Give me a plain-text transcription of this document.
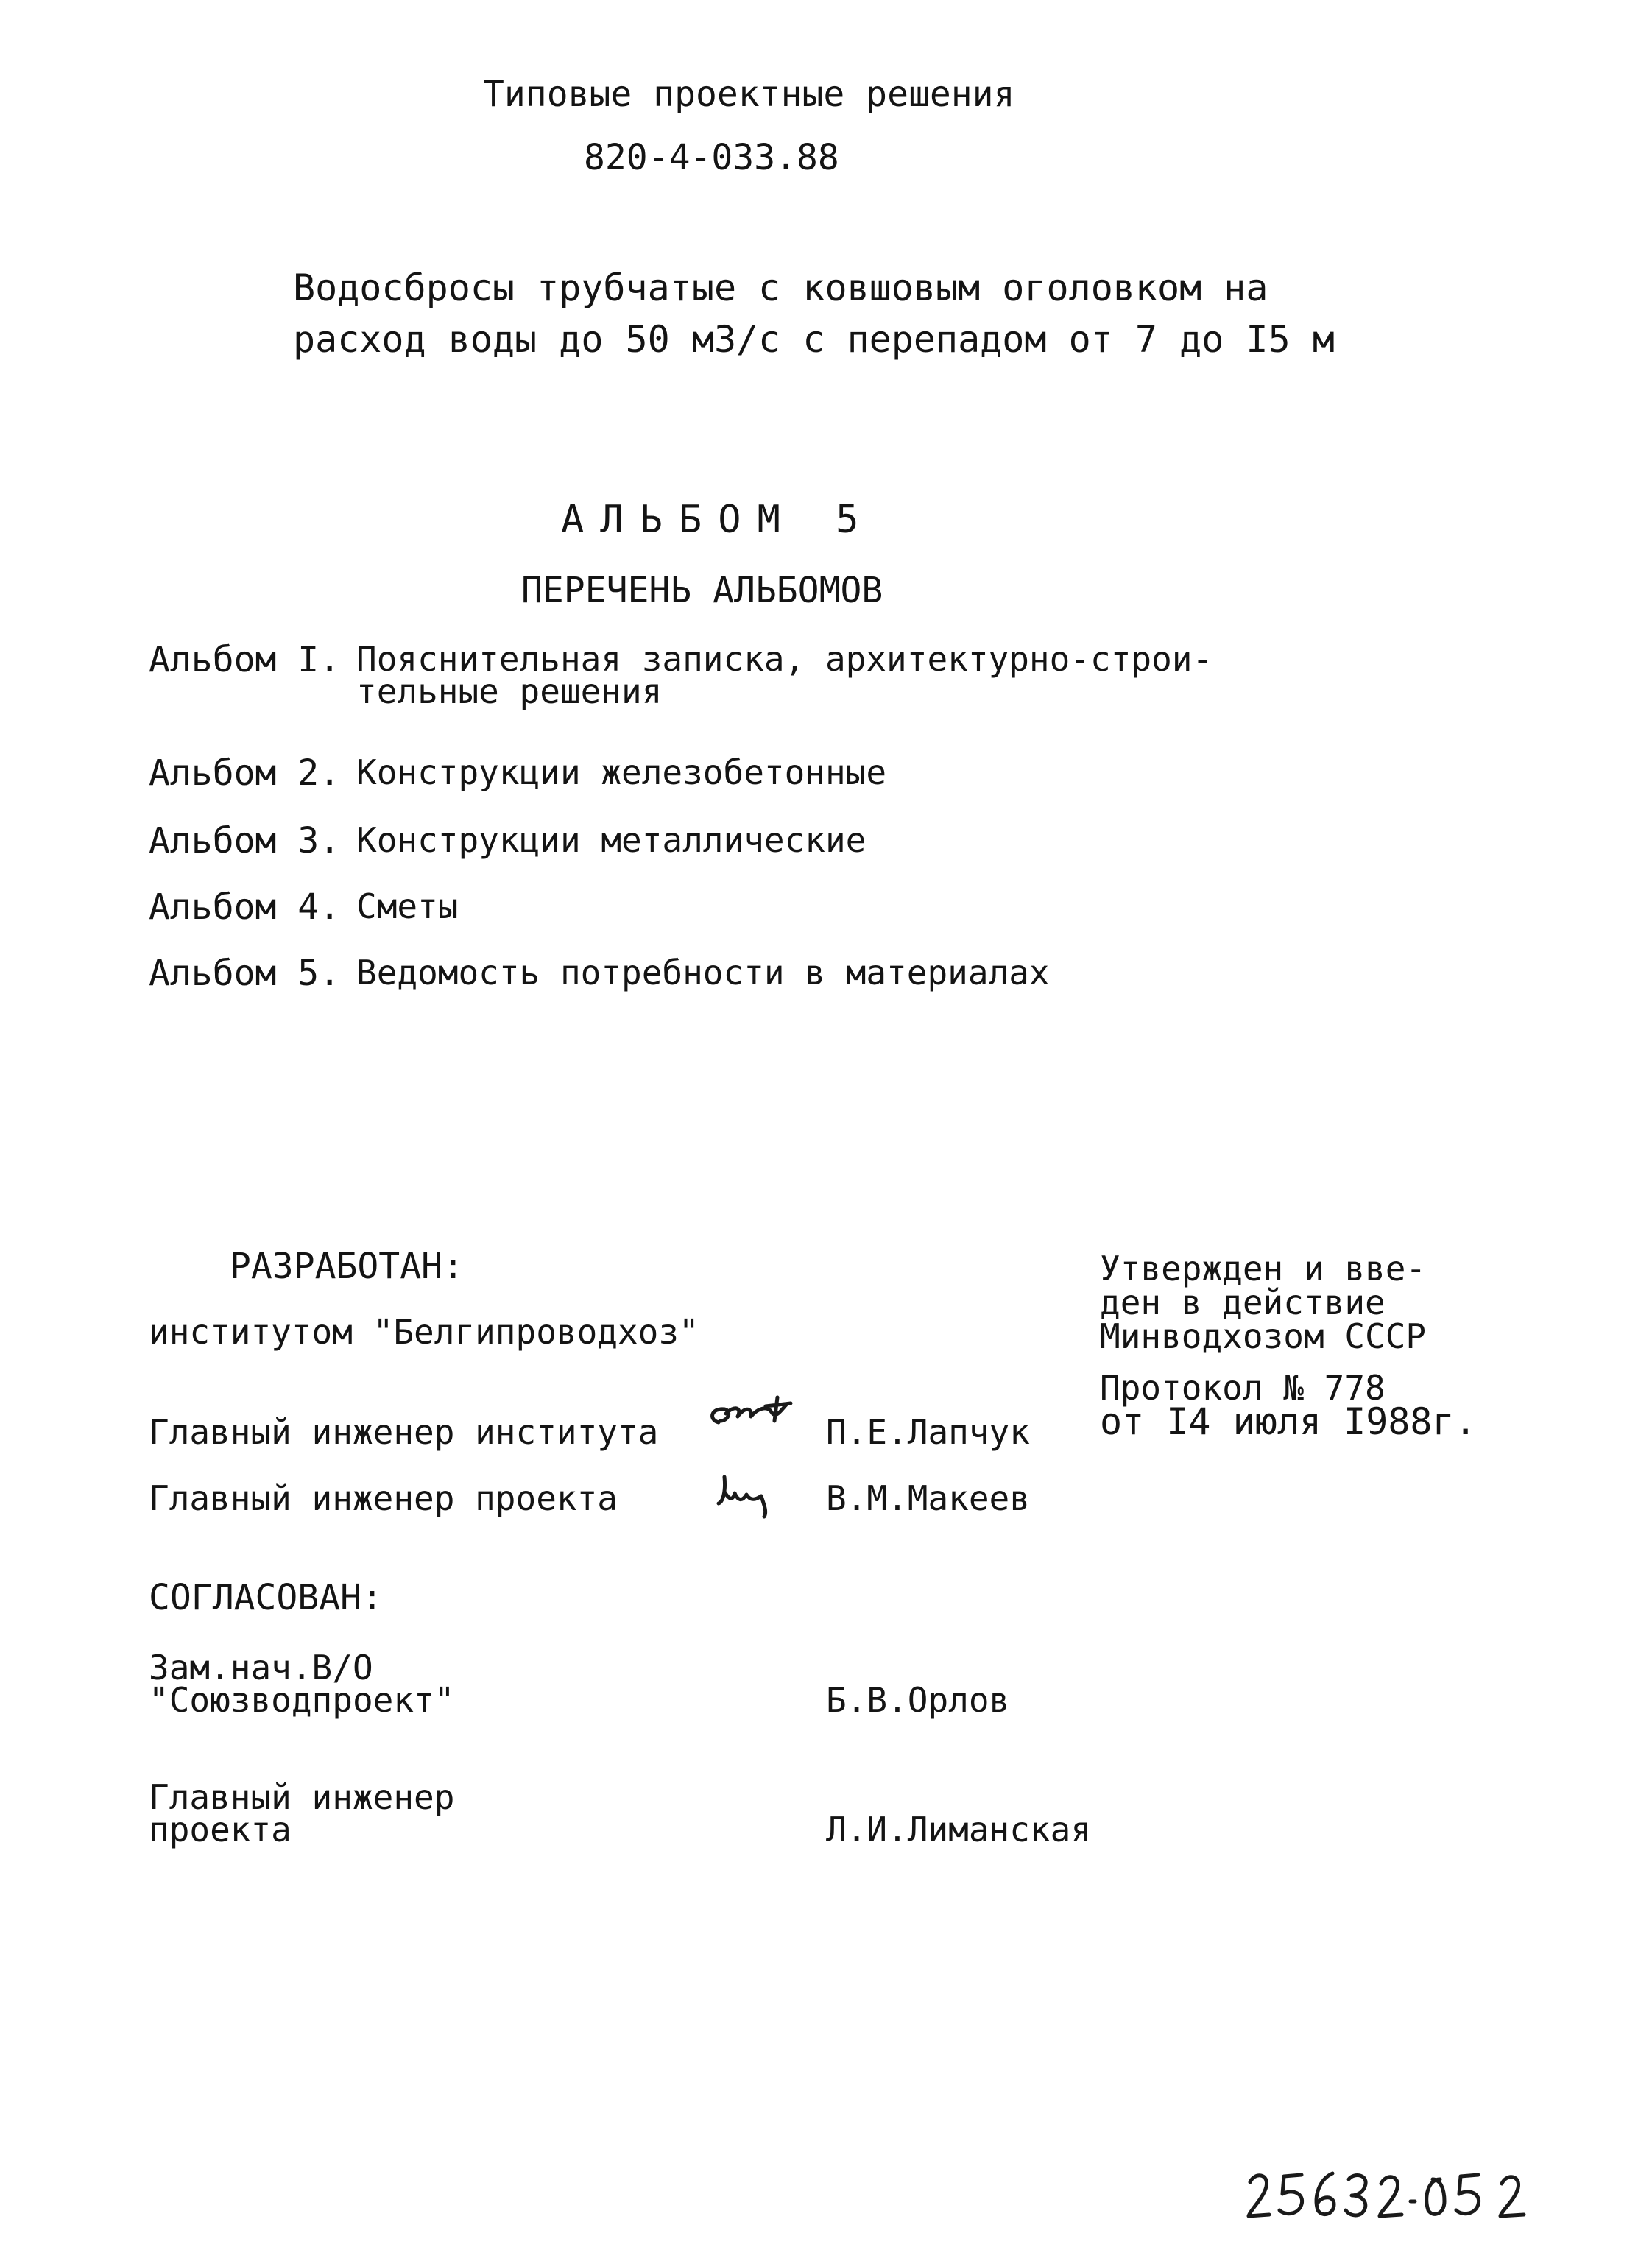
Типовые проектные решения
820-4-033.88
Водосбросы трубчатые с ковшовым оголовком на
расход воды до 50 м3/с с перепадом от 7 до I5 м
АЛЬБОМ 5
ПЕРЕЧЕНЬ АЛЬБОМОВ
Альбом I. Пояснительная записка, архитектурно-строи-
тельные решения
Альбом 2. Конструкции железобетонные
Альбом 3. Конструкции металлические
Альбом 4. Сметы
Альбом 5. Ведомость потребности в материалах
РАЗРАБОТАН:
институтом "Белгипроводхоз"
Главный инженер института	П.Е.Лапчук
Главный инженер проекта	В.М.Макеев
Утвержден и вве-
ден в действие
Минводхозом СССР
Протокол № 778
от I4 июля I988г.
СОГЛАСОВАН:
Зам.нач.В/О
"Союзводпроект"	Б.В.Орлов
Главный инженер
проекта	Л.И.Лиманская
